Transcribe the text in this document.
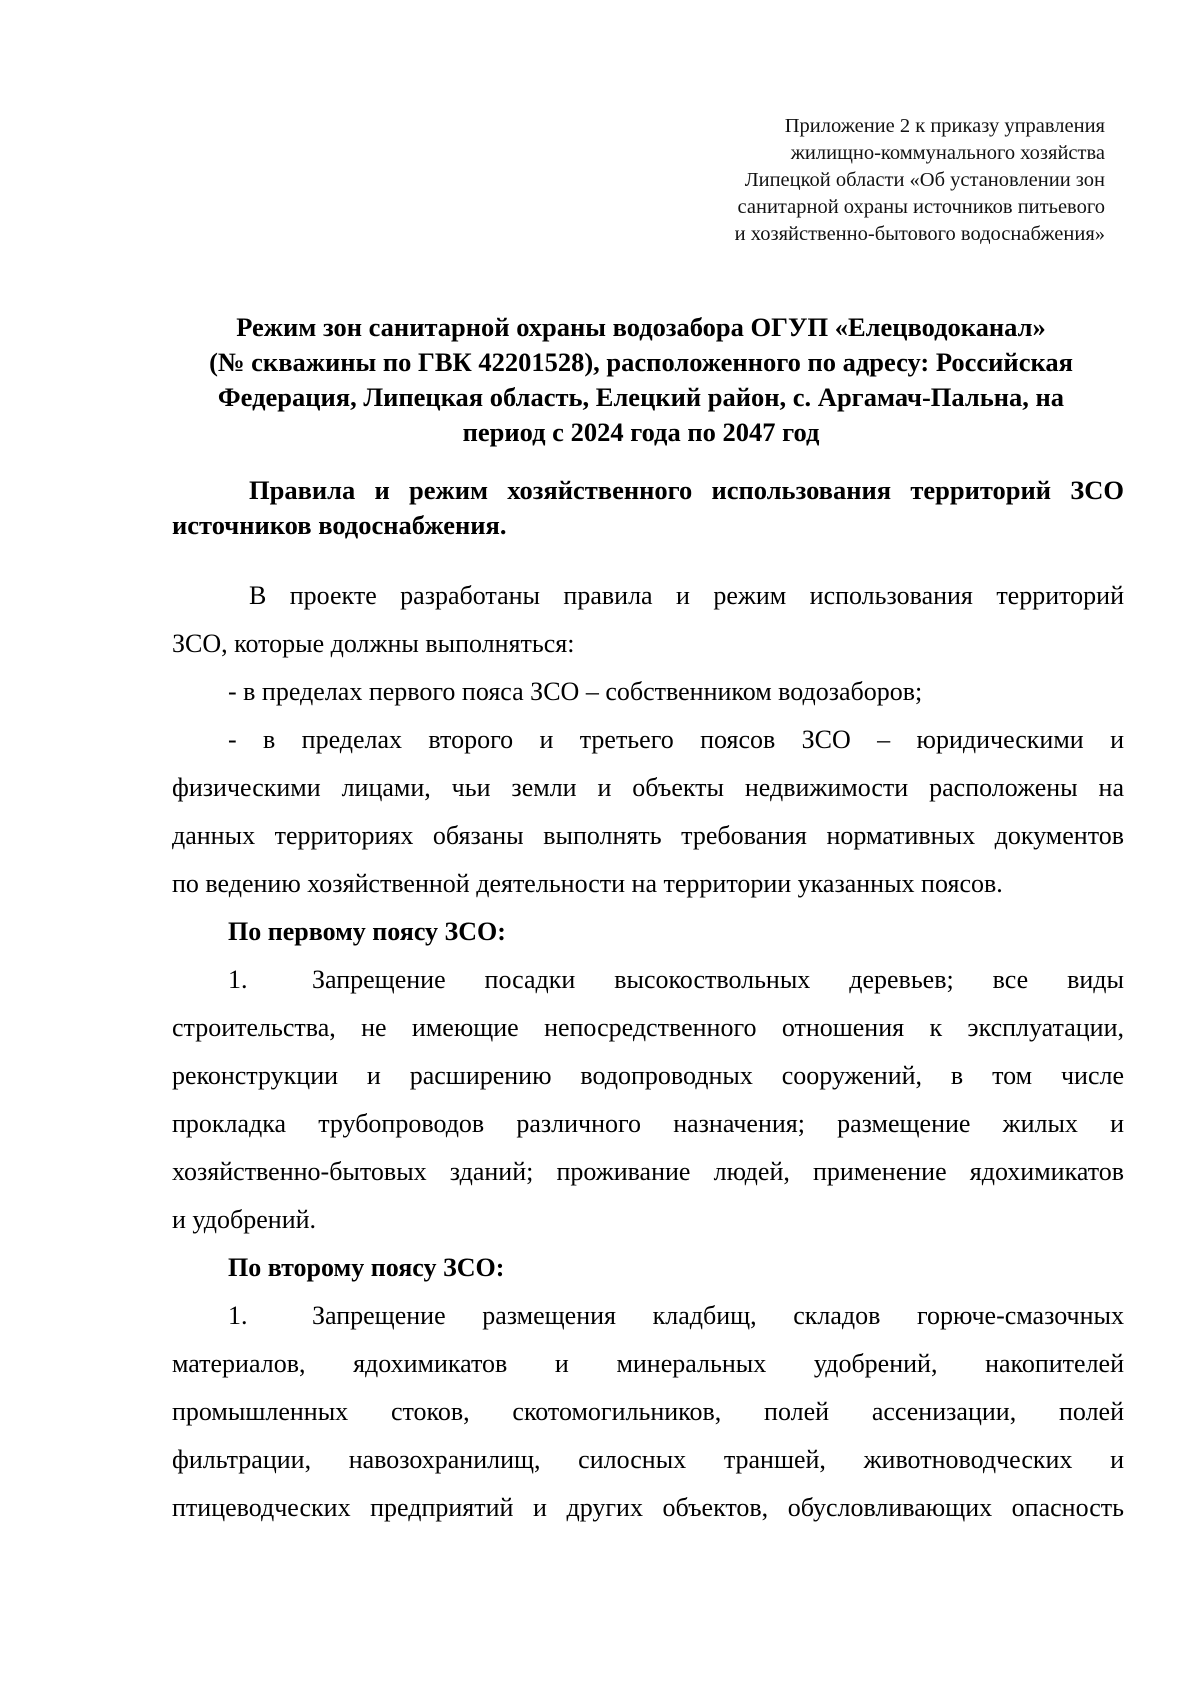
Приложение 2 к приказу управления
жилищно-коммунального хозяйства
Липецкой области «Об установлении зон
санитарной охраны источников питьевого
и хозяйственно-бытового водоснабжения»
Режим зон санитарной охраны водозабора ОГУП «Елецводоканал»
(№ скважины по ГВК 42201528), расположенного по адресу: Российская
Федерация, Липецкая область, Елецкий район, с. Аргамач-Пальна, на
период с 2024 года по 2047 год
Правила и режим хозяйственного использования территорий ЗСО
источников водоснабжения.
В проекте разработаны правила и режим использования территорий
ЗСО, которые должны выполняться:
- в пределах первого пояса ЗСО – собственником водозаборов;
- в пределах второго и третьего поясов ЗСО – юридическими и
физическими лицами, чьи земли и объекты недвижимости расположены на
данных территориях обязаны выполнять требования нормативных документов
по ведению хозяйственной деятельности на территории указанных поясов.
По первому поясу ЗСО:
1. Запрещение посадки высокоствольных деревьев; все виды
строительства, не имеющие непосредственного отношения к эксплуатации,
реконструкции и расширению водопроводных сооружений, в том числе
прокладка трубопроводов различного назначения; размещение жилых и
хозяйственно-бытовых зданий; проживание людей, применение ядохимикатов
и удобрений.
По второму поясу ЗСО:
1. Запрещение размещения кладбищ, складов горюче-смазочных
материалов, ядохимикатов и минеральных удобрений, накопителей
промышленных стоков, скотомогильников, полей ассенизации, полей
фильтрации, навозохранилищ, силосных траншей, животноводческих и
птицеводческих предприятий и других объектов, обусловливающих опасность
